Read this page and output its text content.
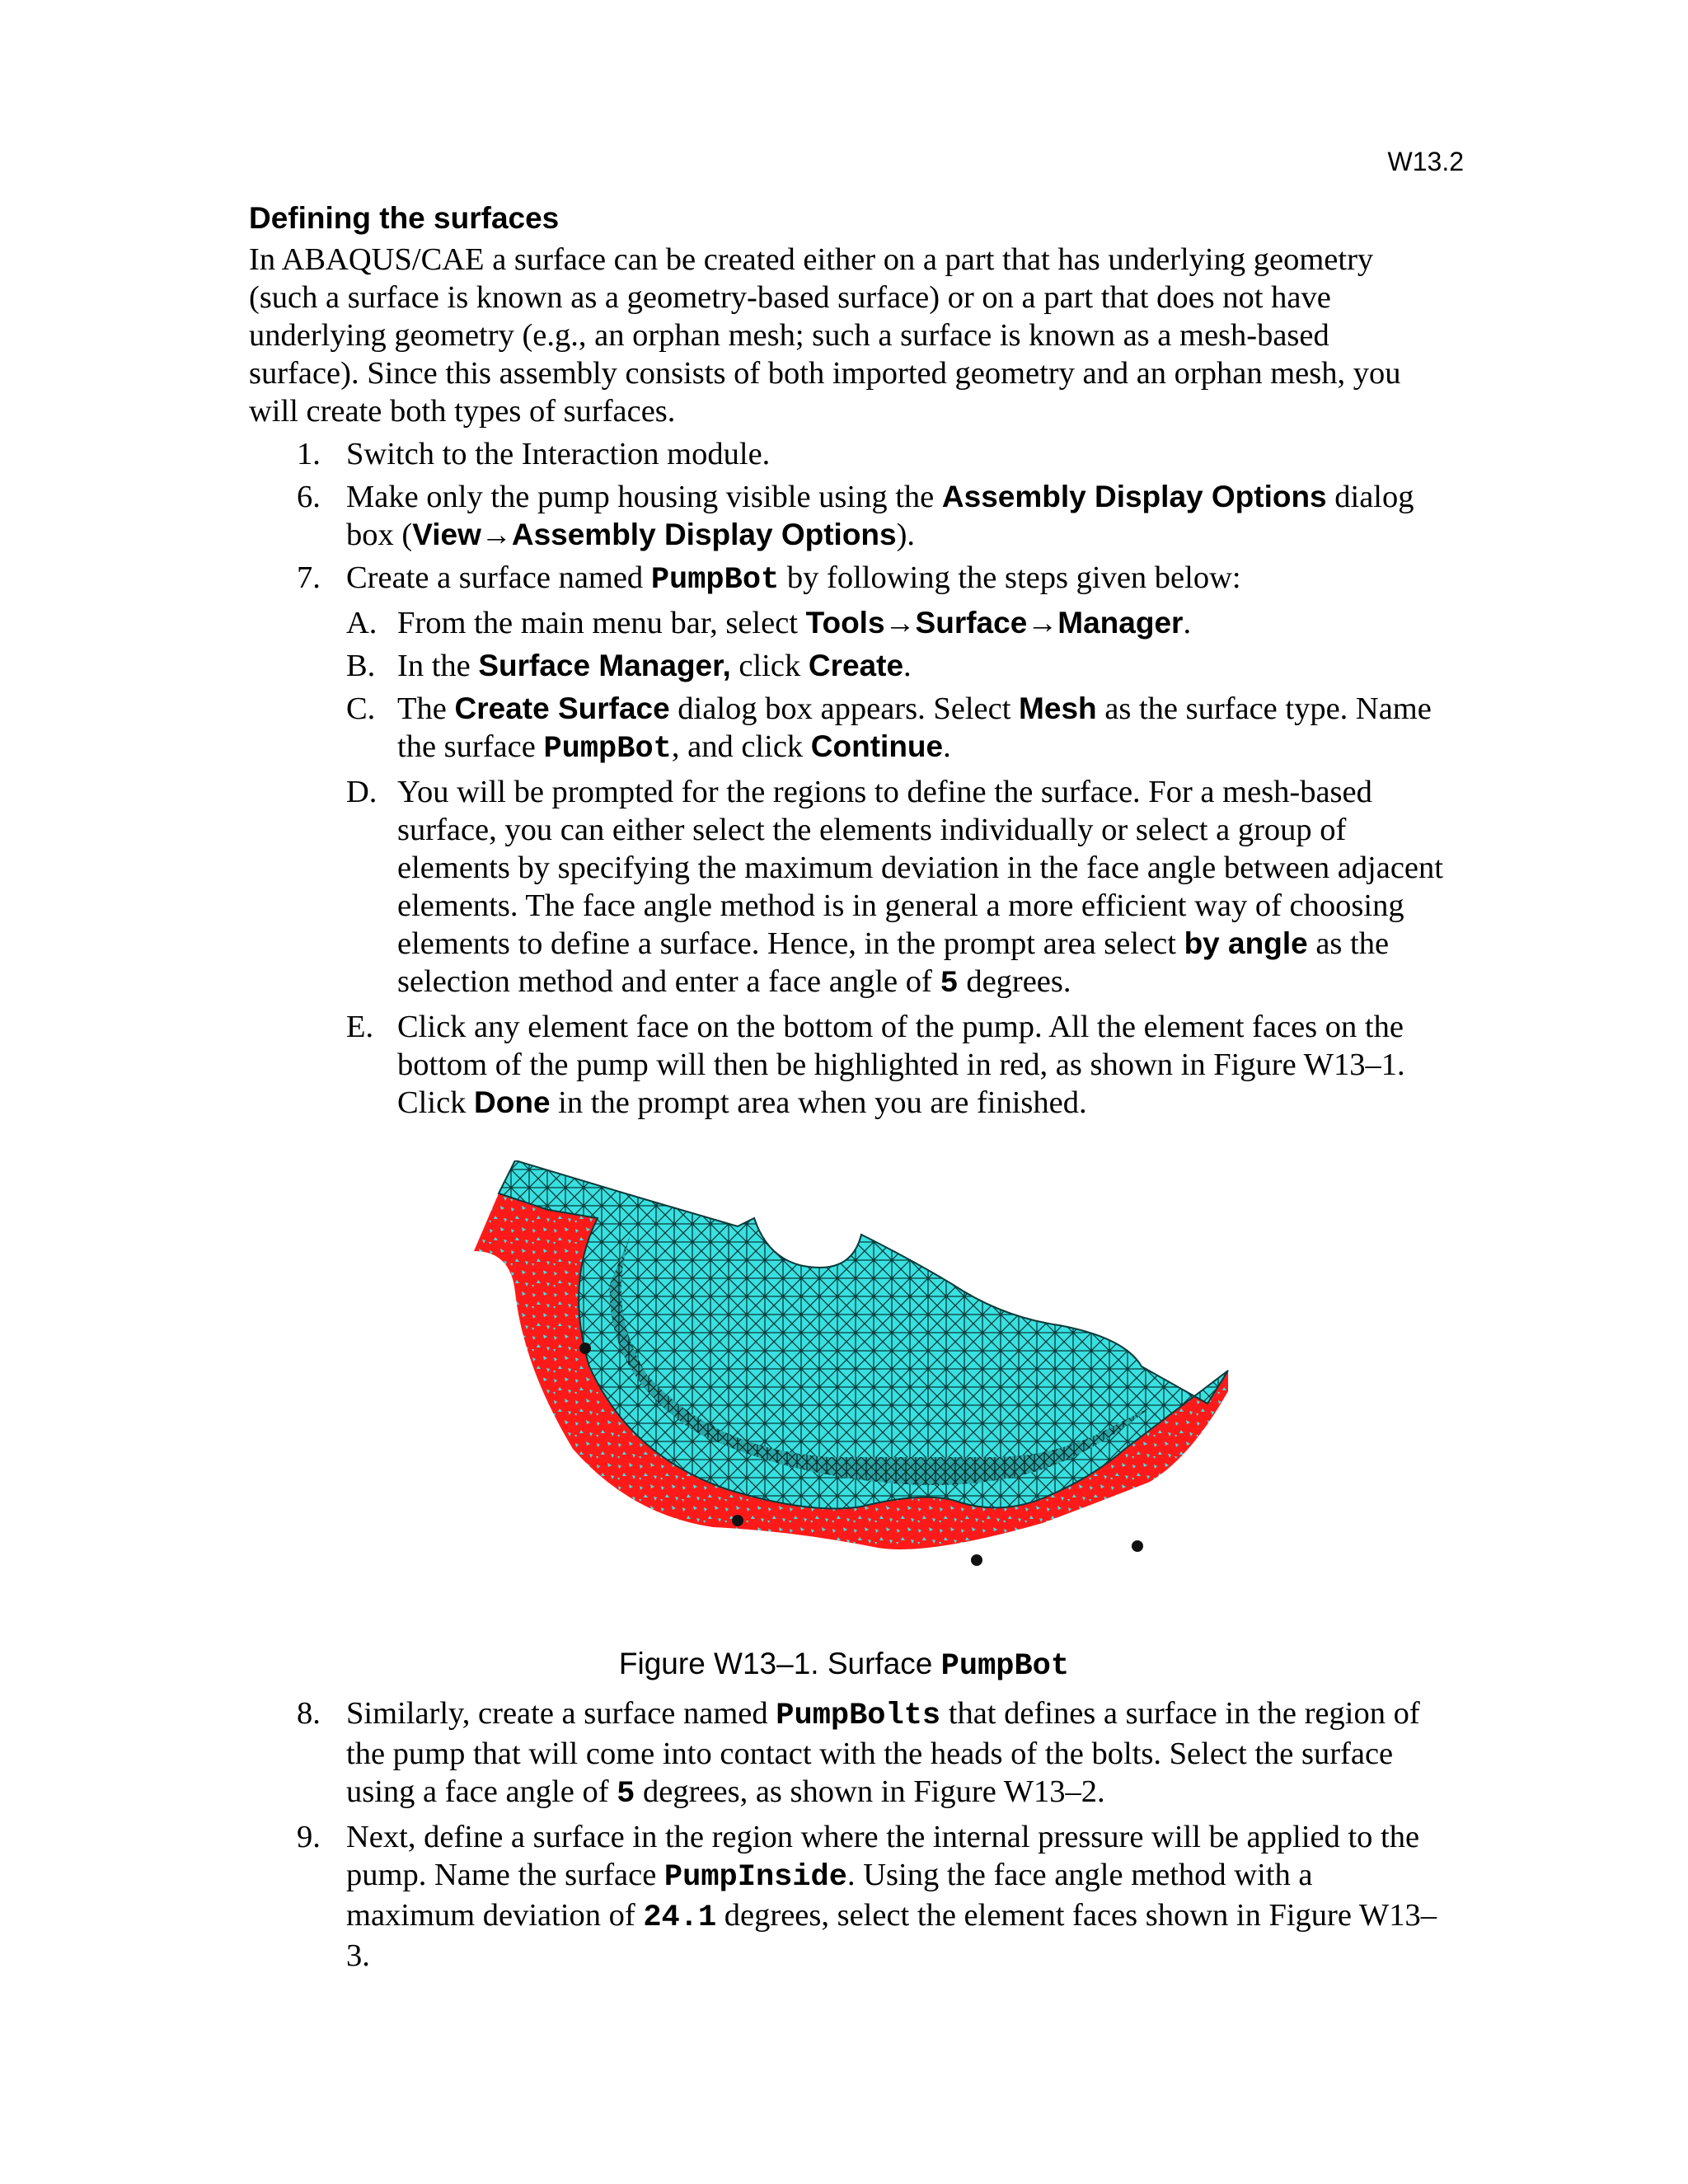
W13.2
Defining the surfaces
In ABAQUS/CAE a surface can be created either on a part that has underlying geometry (such a surface is known as a geometry-based surface) or on a part that does not have underlying geometry (e.g., an orphan mesh; such a surface is known as a mesh-based surface). Since this assembly consists of both imported geometry and an orphan mesh, you will create both types of surfaces.
1. Switch to the Interaction module.
6. Make only the pump housing visible using the Assembly Display Options dialog box (View→Assembly Display Options).
7. Create a surface named PumpBot by following the steps given below:
A. From the main menu bar, select Tools→Surface→Manager.
B. In the Surface Manager, click Create.
C. The Create Surface dialog box appears. Select Mesh as the surface type. Name the surface PumpBot, and click Continue.
D. You will be prompted for the regions to define the surface. For a mesh-based surface, you can either select the elements individually or select a group of elements by specifying the maximum deviation in the face angle between adjacent elements. The face angle method is in general a more efficient way of choosing elements to define a surface. Hence, in the prompt area select by angle as the selection method and enter a face angle of 5 degrees.
E. Click any element face on the bottom of the pump. All the element faces on the bottom of the pump will then be highlighted in red, as shown in Figure W13–1. Click Done in the prompt area when you are finished.
Figure W13–1. Surface PumpBot
8. Similarly, create a surface named PumpBolts that defines a surface in the region of the pump that will come into contact with the heads of the bolts. Select the surface using a face angle of 5 degrees, as shown in Figure W13–2.
9. Next, define a surface in the region where the internal pressure will be applied to the pump. Name the surface PumpInside. Using the face angle method with a maximum deviation of 24.1 degrees, select the element faces shown in Figure W13–3.
